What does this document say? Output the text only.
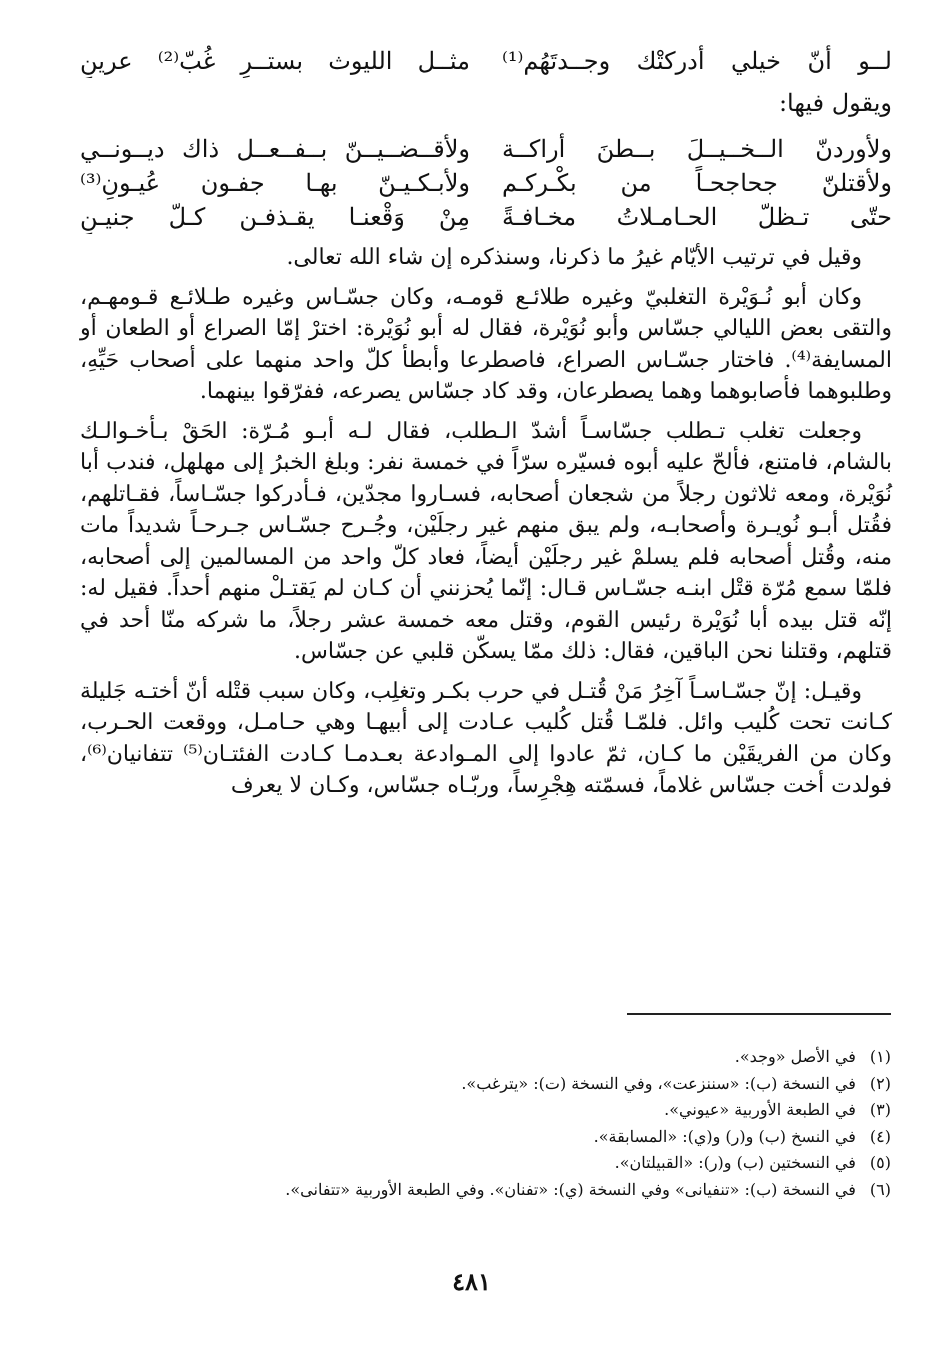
لــو أنّ خيلي أدركتْك وجــدتَهُم⁽¹⁾
مثــل الليوث بستــرِ غُبّ⁽²⁾ عرينِ
ويقول فيها:
ولأوردنّ الــخــيــلَ بــطنَ أراكــة
ولأقــضــيــنّ بــفــعــل ذاك ديــونــي
ولأقتلنّ جحاجحـاً من بكْـركـم
ولأبـكـيـنّ بهـا جفـون عُيـونِ⁽³⁾
حتّى تـظلّ الحـامـلاتُ مخـافـةً
مِنْ وَقْعنـا يقـذفـن كـلّ جنيـنِ

وقيل في ترتيب الأيّام غيرُ ما ذكرنا، وسنذكره إن شاء الله تعالى.

وكان أبو نُـوَيْرة التغلبيّ وغيره طلائـع قومـه، وكان جسّـاس وغيره طـلائـع قـومهـم، والتقى بعض الليالي جسّاس وأبو نُوَيْرة، فقال له أبو نُوَيْرة: اخترْ إمّا الصراع أو الطعان أو المسايفة⁽⁴⁾. فاختار جسّـاس الصراع، فاصطرعا وأبطأ كلّ واحد منهما على أصحاب حَيِّهِ، وطلبوهما فأصابوهما وهما يصطرعان، وقد كاد جسّاس يصرعه، ففرّقوا بينهما.

وجعلت تغلب تـطلب جسّاسـاً أشدّ الـطلب، فقال لـه أبـو مُـرّة: الحَقْ بـأخـوالـك بالشام، فامتنع، فألحّ عليه أبوه فسيّره سرّاً في خمسة نفر: وبلغ الخبرُ إلى مهلهل، فندب أبا نُوَيْرة، ومعه ثلاثون رجلاً من شجعان أصحابه، فسـاروا مجدّين، فـأدركوا جسّـاساً، فقـاتلهم، فقُتل أبـو نُويـرة وأصحابـه، ولم يبق منهم غير رجلَيْن، وجُـرح جسّـاس جـرحـاً شديداً مات منه، وقُتل أصحابه فلم يسلمْ غير رجلَيْن أيضاً، فعاد كلّ واحد من المسالمين إلى أصحابه، فلمّا سمع مُرّة قتْل ابنـه جسّـاس قـال: إنّما يُحزنني أن كـان لم يَقتـلْ منهم أحداً. فقيل له: إنّه قتل بيده أبا نُوَيْرة رئيس القوم، وقتل معه خمسة عشر رجلاً، ما شركه منّا أحد في قتلهم، وقتلنا نحن الباقين، فقال: ذلك ممّا يسكّن قلبي عن جسّاس.

وقيـل: إنّ جسّـاسـاً آخِرُ مَنْ قُتـل في حرب بكـر وتغلِب، وكان سبب قتْله أنّ أختـه جَليلة كـانت تحت كُليب وائل. فلمّـا قُتل كُليب عـادت إلى أبيهـا وهي حـامـل، ووقعت الحـرب، وكان من الفريقَيْن ما كـان، ثمّ عادوا إلى المـوادعة بعـدمـا كـادت الفئتـان⁽⁵⁾ تتفانيان⁽⁶⁾، فولدت أخت جسّاس غلاماً، فسمّته هِجْرِساً، وربّـاه جسّاس، وكـان لا يعرف

(١) في الأصل «وجد».
(٢) في النسخة (ب): «سننزعت»، وفي النسخة (ت): «يترغب».
(٣) في الطبعة الأوربية «عيوني».
(٤) في النسخ (ب) و(ر) و(ي): «المسابقة».
(٥) في النسختين (ب) و(ر): «القبيلتان».
(٦) في النسخة (ب): «تنفيانى» وفي النسخة (ي): «تفنان». وفي الطبعة الأوربية «تتفانى».
٤٨١
